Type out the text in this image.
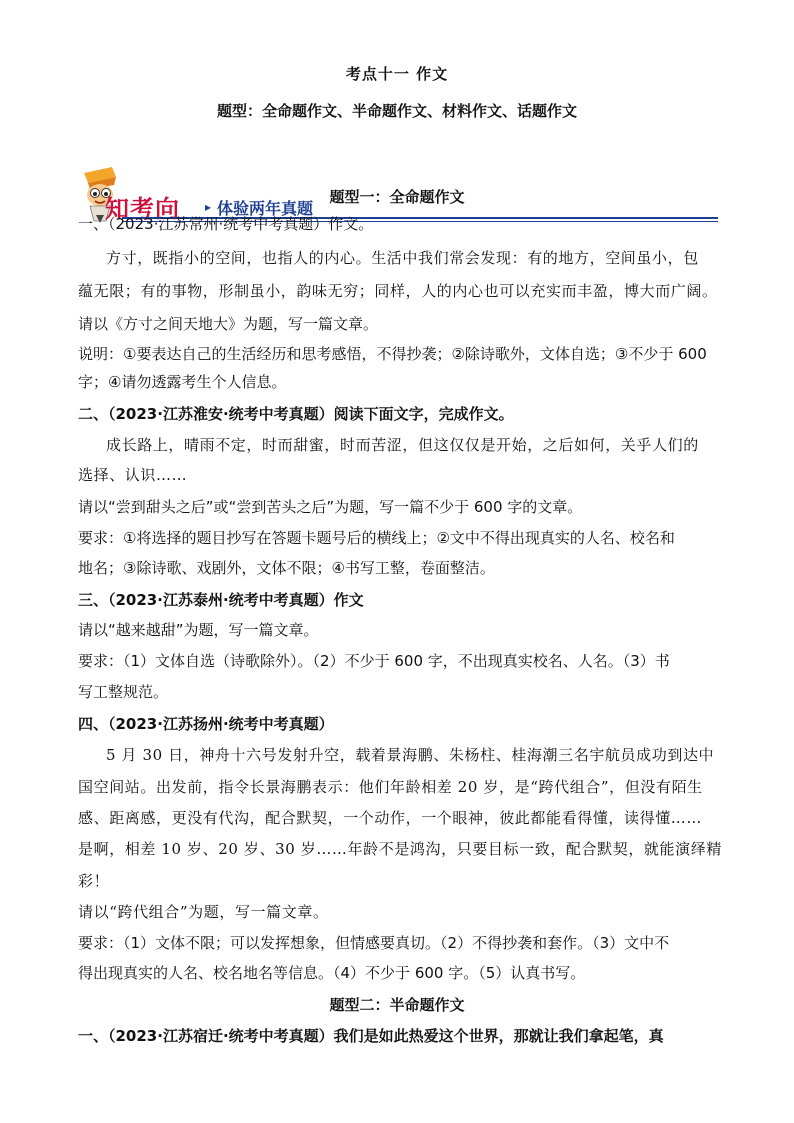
考点十一 作文
题型：全命题作文、半命题作文、材料作文、话题作文
知考向 ▸ 体验两年真题
题型一：全命题作文
一、（2023·江苏常州·统考中考真题）作文。
方寸，既指小的空间，也指人的内心。生活中我们常会发现：有的地方，空间虽小，包
蕴无限；有的事物，形制虽小，韵味无穷；同样，人的内心也可以充实而丰盈，博大而广阔。
请以《方寸之间天地大》为题，写一篇文章。
说明：①要表达自己的生活经历和思考感悟，不得抄袭；②除诗歌外，文体自选；③不少于 600
字；④请勿透露考生个人信息。
二、（2023·江苏淮安·统考中考真题）阅读下面文字，完成作文。
成长路上，晴雨不定，时而甜蜜，时而苦涩，但这仅仅是开始，之后如何，关乎人们的
选择、认识……
请以“尝到甜头之后”或“尝到苦头之后”为题，写一篇不少于 600 字的文章。
要求：①将选择的题目抄写在答题卡题号后的横线上；②文中不得出现真实的人名、校名和
地名；③除诗歌、戏剧外，文体不限；④书写工整，卷面整洁。
三、（2023·江苏泰州·统考中考真题）作文
请以“越来越甜”为题，写一篇文章。
要求：（1）文体自选（诗歌除外）。（2）不少于 600 字，不出现真实校名、人名。（3）书
写工整规范。
四、（2023·江苏扬州·统考中考真题）
5 月 30 日，神舟十六号发射升空，载着景海鹏、朱杨柱、桂海潮三名宇航员成功到达中
国空间站。出发前，指令长景海鹏表示：他们年龄相差 20 岁，是“跨代组合”，但没有陌生
感、距离感，更没有代沟，配合默契，一个动作，一个眼神，彼此都能看得懂，读得懂……
是啊，相差 10 岁、20 岁、30 岁……年龄不是鸿沟，只要目标一致，配合默契，就能演绎精
彩！
请以“跨代组合”为题，写一篇文章。
要求：（1）文体不限；可以发挥想象，但情感要真切。（2）不得抄袭和套作。（3）文中不
得出现真实的人名、校名地名等信息。（4）不少于 600 字。（5）认真书写。
题型二：半命题作文
一、（2023·江苏宿迁·统考中考真题）我们是如此热爱这个世界，那就让我们拿起笔，真
